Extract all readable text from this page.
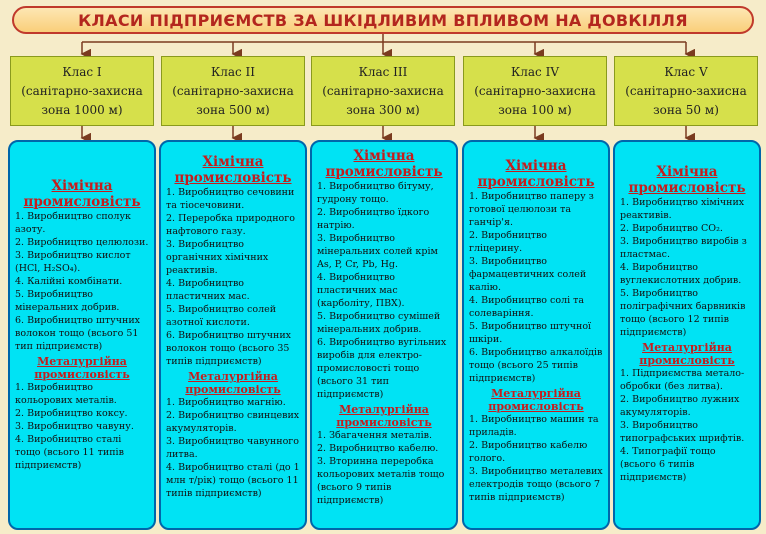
КЛАСИ ПІДПРИЄМСТВ ЗА ШКІДЛИВИМ ВПЛИВОМ НА ДОВКІЛЛЯ
Клас I
(санітарно-захисна
зона 1000 м)
Клас II
(санітарно-захисна
зона 500 м)
Клас III
(санітарно-захисна
зона 300 м)
Клас IV
(санітарно-захисна
зона 100 м)
Клас V
(санітарно-захисна
зона 50 м)
Хімічна промисловість

1. Виробництво сполук азоту.

2. Виробництво целюлози.

3. Виробництво кислот (HCl, H₂SO₄).

4. Калійні комбінати.

5. Виробництво мінеральних добрив.

6. Виробництво штучних волокон тощо (всього 51 тип підприємств)

Металургійна промисловість

1. Виробництво кольорових металів.

2. Виробництво коксу.

3. Виробництво чавуну.

4. Виробництво сталі тощо (всього 11 типів підприємств)

Хімічна промисловість

1. Виробництво сечовини та тіосечовини.

2. Переробка природного нафтового газу.

3. Виробництво органічних хімічних реактивів.

4. Виробництво пластичних мас.

5. Виробництво солей азотної кислоти.

6. Виробництво штучних волокон тощо (всього 35 типів підприємств)

Металургійна промисловість

1. Виробництво магнію.

2. Виробництво свинцевих акумуляторів.

3. Виробництво чавунного литва.

4. Виробництво сталі (до 1 млн т/рік) тощо (всього 11 типів підприємств)

Хімічна промисловість

1. Виробництво бітуму, гудрону тощо.

2. Виробництво їдкого натрію.

3. Виробництво мінеральних солей крім As, P, Cr, Pb, Hg.

4. Виробництво пластичних мас (карболіту, ПВХ).

5. Виробництво сумішей мінеральних добрив.

6. Виробництво вугільних виробів для електро-промисловості тощо (всього 31 тип підприємств)

Металургійна промисловість

1. Збагачення металів.

2. Виробництво кабелю.

3. Вторинна переробка кольорових металів тощо (всього 9 типів підприємств)

Хімічна промисловість

1. Виробництво паперу з готової целюлози та ганчір'я.

2. Виробництво гліцерину.

3. Виробництво фармацевтичних солей калію.

4. Виробництво солі та солеваріння.

5. Виробництво штучної шкіри.

6. Виробництво алкалоїдів тощо (всього 25 типів підприємств)

Металургійна промисловість

1. Виробництво машин та приладів.

2. Виробництво кабелю голого.

3. Виробництво металевих електродів тощо (всього 7 типів підприємств)

Хімічна промисловість

1. Виробництво хімічних реактивів.

2. Виробництво CO₂.

3. Виробництво виробів з пластмас.

4. Виробництво вуглекислотних добрив.

5. Виробництво поліграфічних барвників тощо (всього 12 типів підприємств)

Металургійна промисловість

1. Підприємства метало-обробки (без литва).

2. Виробництво лужних акумуляторів.

3. Виробництво типографських шрифтів.

4. Типографії тощо (всього 6 типів підприємств)
